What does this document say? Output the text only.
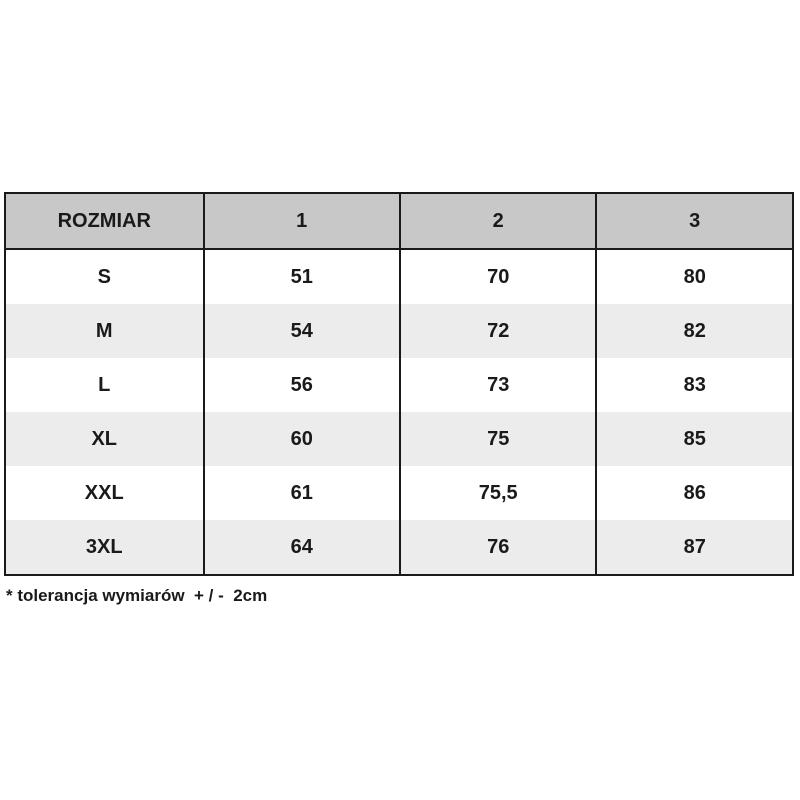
ROZMIAR	1	2	3
S	51	70	80
M	54	72	82
L	56	73	83
XL	60	75	85
XXL	61	75,5	86
3XL	64	76	87
* tolerancja wymiarów  + / -  2cm
